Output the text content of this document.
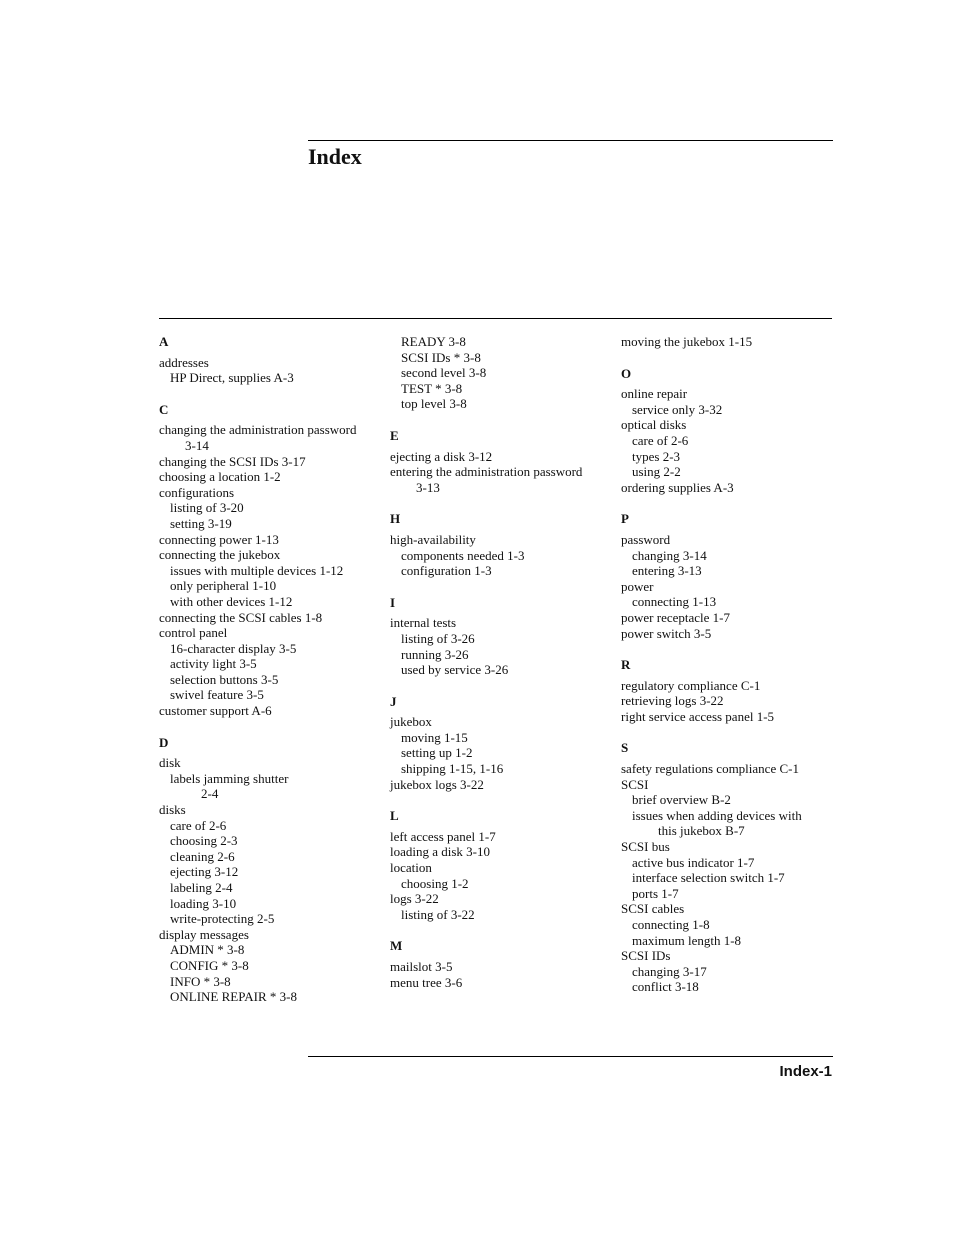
Index
A
addresses
HP Direct, supplies A-3
C
changing the administration password
3-14
changing the SCSI IDs 3-17
choosing a location 1-2
configurations
listing of 3-20
setting 3-19
connecting power 1-13
connecting the jukebox
issues with multiple devices 1-12
only peripheral 1-10
with other devices 1-12
connecting the SCSI cables 1-8
control panel
16-character display 3-5
activity light 3-5
selection buttons 3-5
swivel feature 3-5
customer support A-6
D
disk
labels jamming shutter
2-4
disks
care of 2-6
choosing 2-3
cleaning 2-6
ejecting 3-12
labeling 2-4
loading 3-10
write-protecting 2-5
display messages
ADMIN * 3-8
CONFIG * 3-8
INFO * 3-8
ONLINE REPAIR * 3-8
READY 3-8
SCSI IDs * 3-8
second level 3-8
TEST * 3-8
top level 3-8
E
ejecting a disk 3-12
entering the administration password
3-13
H
high-availability
components needed 1-3
configuration 1-3
I
internal tests
listing of 3-26
running 3-26
used by service 3-26
J
jukebox
moving 1-15
setting up 1-2
shipping 1-15, 1-16
jukebox logs 3-22
L
left access panel 1-7
loading a disk 3-10
location
choosing 1-2
logs 3-22
listing of 3-22
M
mailslot 3-5
menu tree 3-6
moving the jukebox 1-15
O
online repair
service only 3-32
optical disks
care of 2-6
types 2-3
using 2-2
ordering supplies A-3
P
password
changing 3-14
entering 3-13
power
connecting 1-13
power receptacle 1-7
power switch 3-5
R
regulatory compliance C-1
retrieving logs 3-22
right service access panel 1-5
S
safety regulations compliance C-1
SCSI
brief overview B-2
issues when adding devices with
this jukebox B-7
SCSI bus
active bus indicator 1-7
interface selection switch 1-7
ports 1-7
SCSI cables
connecting 1-8
maximum length 1-8
SCSI IDs
changing 3-17
conflict 3-18
Index-1
